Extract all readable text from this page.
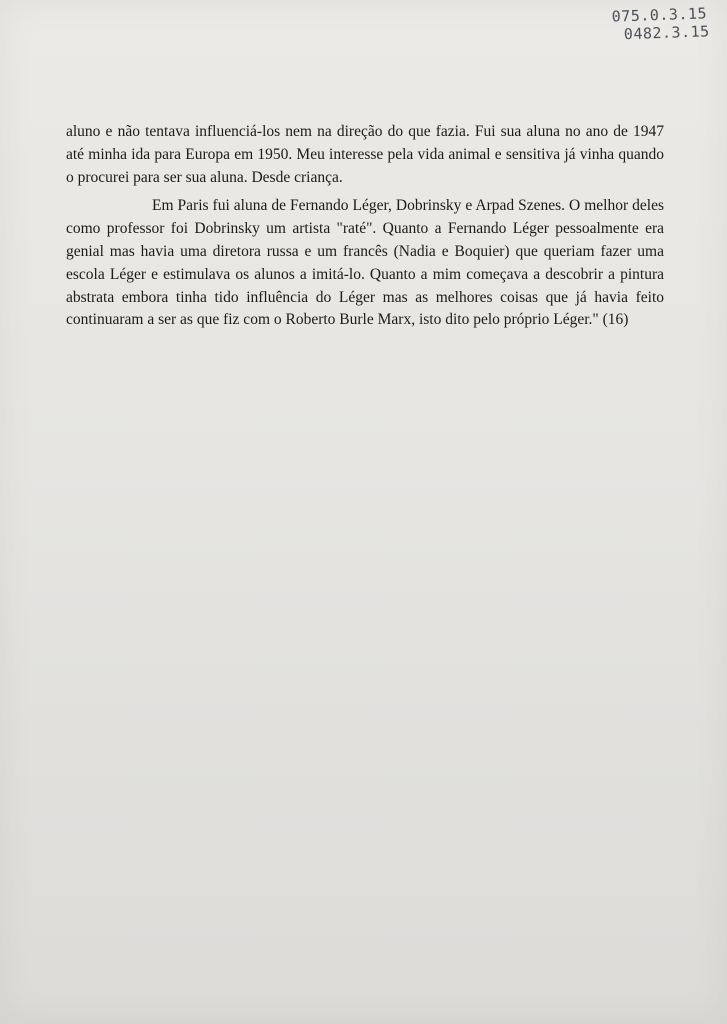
075.0.3.15
0482.3.15

aluno e não tentava influenciá-los nem na direção do que fazia. Fui sua aluna no ano de 1947 até minha ida para Europa em 1950. Meu interesse pela vida animal e sensitiva já vinha quando o procurei para ser sua aluna. Desde criança.

Em Paris fui aluna de Fernando Léger, Dobrinsky e Arpad Szenes. O melhor deles como professor foi Dobrinsky um artista "raté". Quanto a Fernando Léger pessoalmente era genial mas havia uma diretora russa e um francês (Nadia e Boquier) que queriam fazer uma escola Léger e estimulava os alunos a imitá-lo. Quanto a mim começava a descobrir a pintura abstrata embora tinha tido influência do Léger mas as melhores coisas que já havia feito continuaram a ser as que fiz com o Roberto Burle Marx, isto dito pelo próprio Léger." (16)
